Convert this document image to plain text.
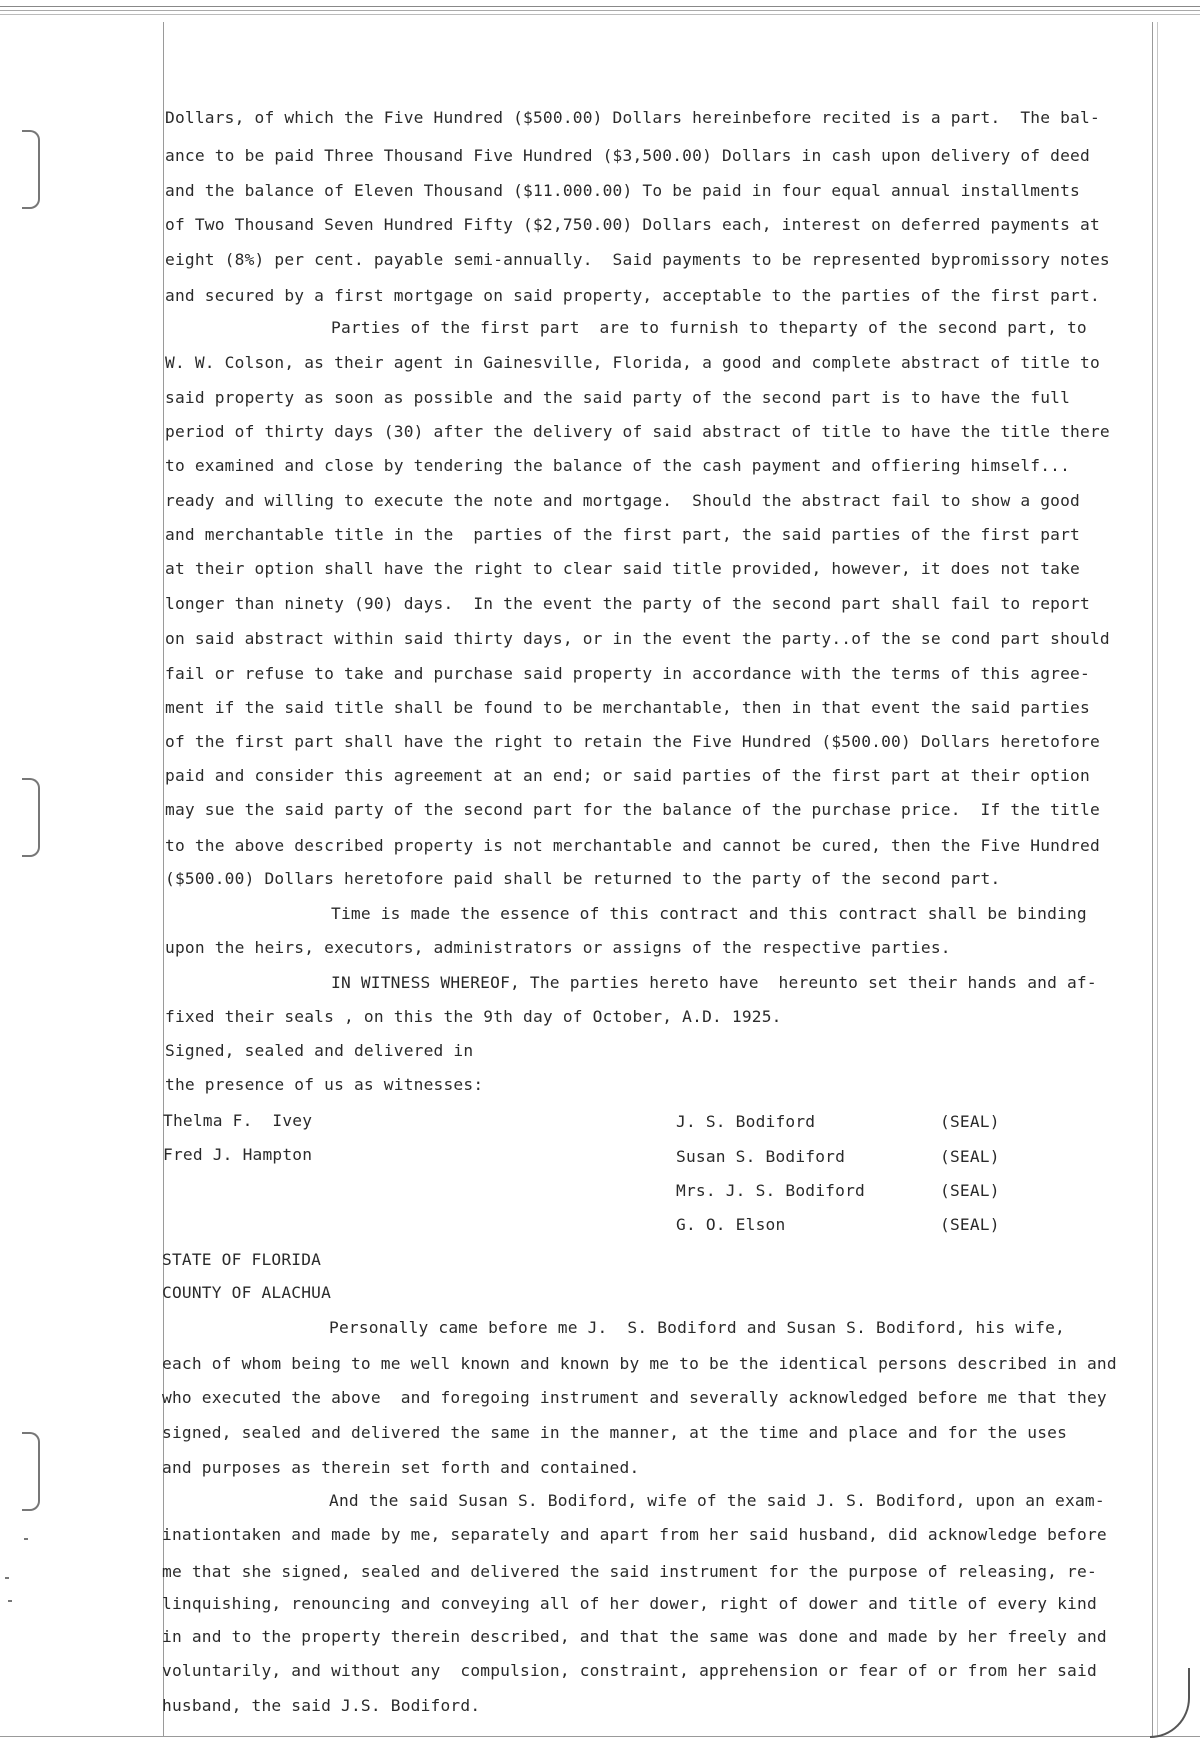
Dollars, of which the Five Hundred ($500.00) Dollars hereinbefore recited is a part.  The bal-
ance to be paid Three Thousand Five Hundred ($3,500.00) Dollars in cash upon delivery of deed
and the balance of Eleven Thousand ($11.000.00) To be paid in four equal annual installments
of Two Thousand Seven Hundred Fifty ($2,750.00) Dollars each, interest on deferred payments at
eight (8%) per cent. payable semi-annually.  Said payments to be represented bypromissory notes
and secured by a first mortgage on said property, acceptable to the parties of the first part.
Parties of the first part  are to furnish to theparty of the second part, to
W. W. Colson, as their agent in Gainesville, Florida, a good and complete abstract of title to
said property as soon as possible and the said party of the second part is to have the full
period of thirty days (30) after the delivery of said abstract of title to have the title there
to examined and close by tendering the balance of the cash payment and offiering himself...
ready and willing to execute the note and mortgage.  Should the abstract fail to show a good
and merchantable title in the  parties of the first part, the said parties of the first part
at their option shall have the right to clear said title provided, however, it does not take
longer than ninety (90) days.  In the event the party of the second part shall fail to report
on said abstract within said thirty days, or in the event the party..of the se cond part should
fail or refuse to take and purchase said property in accordance with the terms of this agree-
ment if the said title shall be found to be merchantable, then in that event the said parties
of the first part shall have the right to retain the Five Hundred ($500.00) Dollars heretofore
paid and consider this agreement at an end; or said parties of the first part at their option
may sue the said party of the second part for the balance of the purchase price.  If the title
to the above described property is not merchantable and cannot be cured, then the Five Hundred
($500.00) Dollars heretofore paid shall be returned to the party of the second part.
Time is made the essence of this contract and this contract shall be binding
upon the heirs, executors, administrators or assigns of the respective parties.
IN WITNESS WHEREOF, The parties hereto have  hereunto set their hands and af-
fixed their seals , on this the 9th day of October, A.D. 1925.
Signed, sealed and delivered in
the presence of us as witnesses:
Thelma F.  Ivey
Fred J. Hampton
J. S. Bodiford	(SEAL)
Susan S. Bodiford	(SEAL)
Mrs. J. S. Bodiford	(SEAL)
G. O. Elson	(SEAL)
STATE OF FLORIDA
COUNTY OF ALACHUA
Personally came before me J.  S. Bodiford and Susan S. Bodiford, his wife,
each of whom being to me well known and known by me to be the identical persons described in and
who executed the above  and foregoing instrument and severally acknowledged before me that they
signed, sealed and delivered the same in the manner, at the time and place and for the uses
and purposes as therein set forth and contained.
And the said Susan S. Bodiford, wife of the said J. S. Bodiford, upon an exam-
inationtaken and made by me, separately and apart from her said husband, did acknowledge before
me that she signed, sealed and delivered the said instrument for the purpose of releasing, re-
linquishing, renouncing and conveying all of her dower, right of dower and title of every kind
in and to the property therein described, and that the same was done and made by her freely and
voluntarily, and without any  compulsion, constraint, apprehension or fear of or from her said
husband, the said J.S. Bodiford.
